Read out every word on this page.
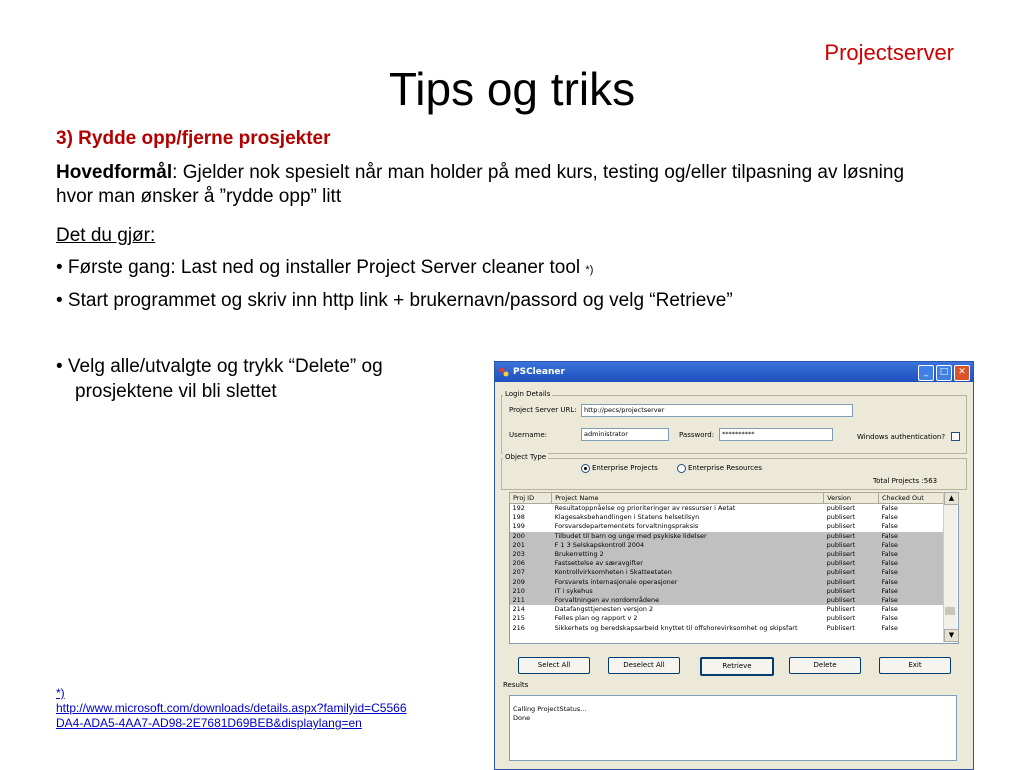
Projectserver
Tips og triks
3) Rydde opp/fjerne prosjekter
Hovedformål: Gjelder nok spesielt når man holder på med kurs, testing og/eller tilpasning av løsning hvor man ønsker å ”rydde opp” litt
Det du gjør:
• Første gang: Last ned og installer Project Server cleaner tool *)
• Start programmet og skriv inn http link + brukernavn/passord og velg “Retrieve”
• Velg alle/utvalgte og trykk “Delete” og
prosjektene vil bli slettet
*)
http://www.microsoft.com/downloads/details.aspx?familyid=C5566
DA4-ADA5-4AA7-AD98-2E7681D69BEB&displaylang=en
PSCleaner	_	□	✕
Login Details
Project Server URL:	http://pecs/projectserver
Username:	administrator	Password:	**********	Windows authentication?
Object Type
Enterprise Projects	Enterprise Resources
Total Projects :563
Proj ID	Project Name	Version	Checked Out
192	Resultatoppnåelse og prioriteringer av ressurser i Aetat	publisert	False
198	Klagesaksbehandlingen i Statens helsetilsyn	publisert	False
199	Forsvarsdepartementets forvaltningspraksis	publisert	False
200	Tilbudet til barn og unge med psykiske lidelser	publisert	False
201	F 1 3 Selskapskontroll 2004	publisert	False
203	Brukerretting 2	publisert	False
206	Fastsettelse av særavgifter	publisert	False
207	Kontrollvirksomheten i Skatteetaten	publisert	False
209	Forsvarets internasjonale operasjoner	publisert	False
210	IT i sykehus	publisert	False
211	Forvaltningen av nordområdene	publisert	False
214	Datafangsttjenesten versjon 2	Publisert	False
215	Felles plan og rapport v 2	publisert	False
216	Sikkerhets og beredskapsarbeid knyttet til offshorevirksomhet og skipsfart	Publisert	False
▲
▼
Select All	Deselect All	Retrieve	Delete	Exit
Results
Calling ProjectStatus...
Done
